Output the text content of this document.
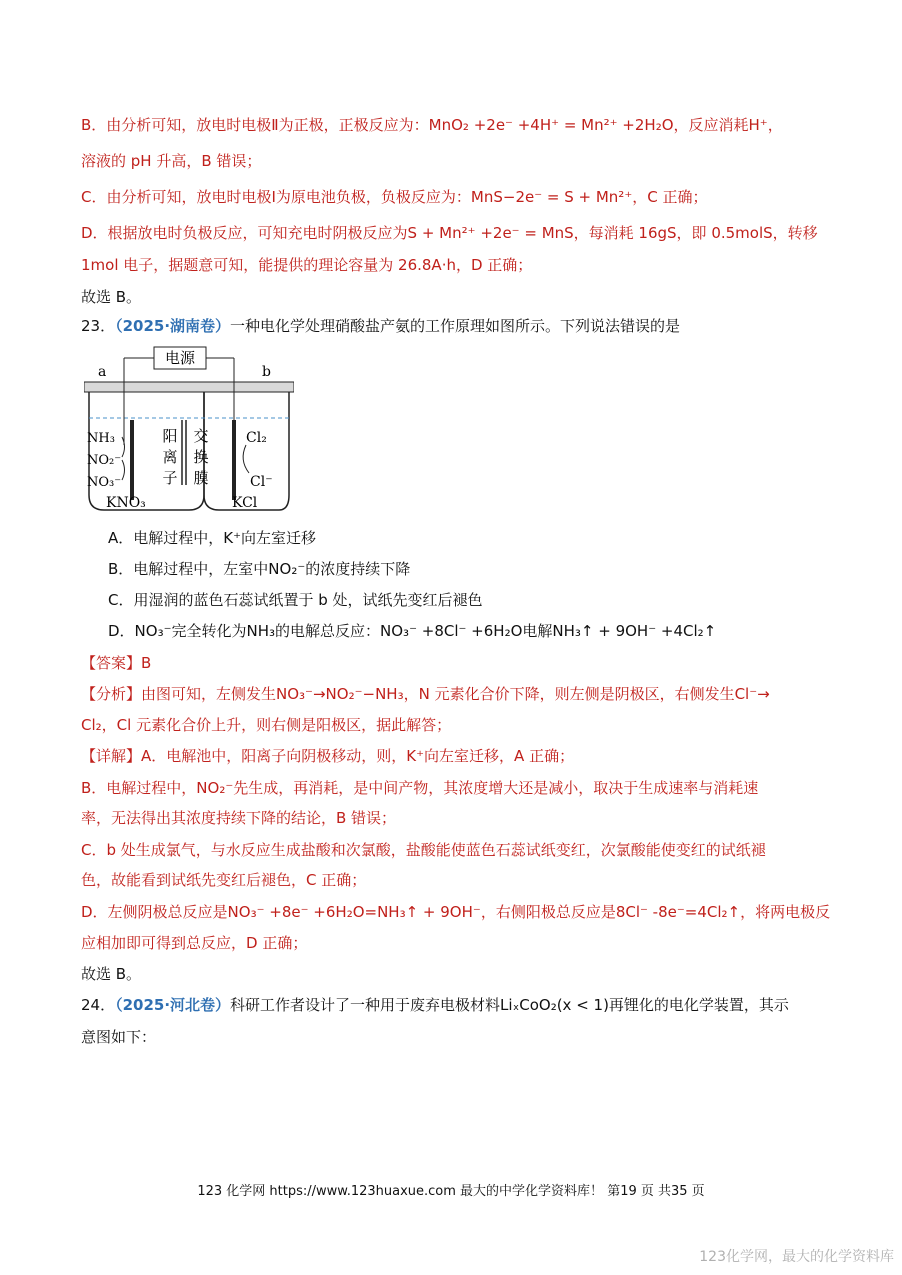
B．由分析可知，放电时电极Ⅱ为正极，正极反应为：MnO₂ +2e⁻ +4H⁺ = Mn²⁺ +2H₂O，反应消耗H⁺，
溶液的 pH 升高，B 错误；
C．由分析可知，放电时电极Ⅰ为原电池负极，负极反应为：MnS−2e⁻ = S + Mn²⁺，C 正确；
D．根据放电时负极反应，可知充电时阴极反应为S + Mn²⁺ +2e⁻ = MnS，每消耗 16gS，即 0.5molS，转移
1mol 电子，据题意可知，能提供的理论容量为 26.8A·h，D 正确；
故选 B。
23．（2025·湖南卷）一种电化学处理硝酸盐产氨的工作原理如图所示。下列说法错误的是
电源
a	b
阳
离
子
交
换
膜
NH₃
NO₂⁻
NO₃⁻
KNO₃
Cl₂
Cl⁻
KCl
A．电解过程中，K⁺向左室迁移
B．电解过程中，左室中NO₂⁻的浓度持续下降
C．用湿润的蓝色石蕊试纸置于 b 处，试纸先变红后褪色
D．NO₃⁻完全转化为NH₃的电解总反应：NO₃⁻ +8Cl⁻ +6H₂O电解NH₃↑ + 9OH⁻ +4Cl₂↑
【答案】B
【分析】由图可知，左侧发生NO₃⁻→NO₂⁻−NH₃，N 元素化合价下降，则左侧是阴极区，右侧发生Cl⁻→
Cl₂，Cl 元素化合价上升，则右侧是阳极区，据此解答；
【详解】A．电解池中，阳离子向阴极移动，则，K⁺向左室迁移，A 正确；
B．电解过程中，NO₂⁻先生成，再消耗，是中间产物，其浓度增大还是减小，取决于生成速率与消耗速
率，无法得出其浓度持续下降的结论，B 错误；
C．b 处生成氯气，与水反应生成盐酸和次氯酸，盐酸能使蓝色石蕊试纸变红，次氯酸能使变红的试纸褪
色，故能看到试纸先变红后褪色，C 正确；
D．左侧阴极总反应是NO₃⁻ +8e⁻ +6H₂O=NH₃↑ + 9OH⁻，右侧阳极总反应是8Cl⁻ -8e⁻=4Cl₂↑，将两电极反
应相加即可得到总反应，D 正确；
故选 B。
24．（2025·河北卷）科研工作者设计了一种用于废弃电极材料LiₓCoO₂(x < 1)再锂化的电化学装置，其示
意图如下：
123 化学网 https://www.123huaxue.com 最大的中学化学资料库！ 第19 页 共35 页
123化学网，最大的化学资料库
